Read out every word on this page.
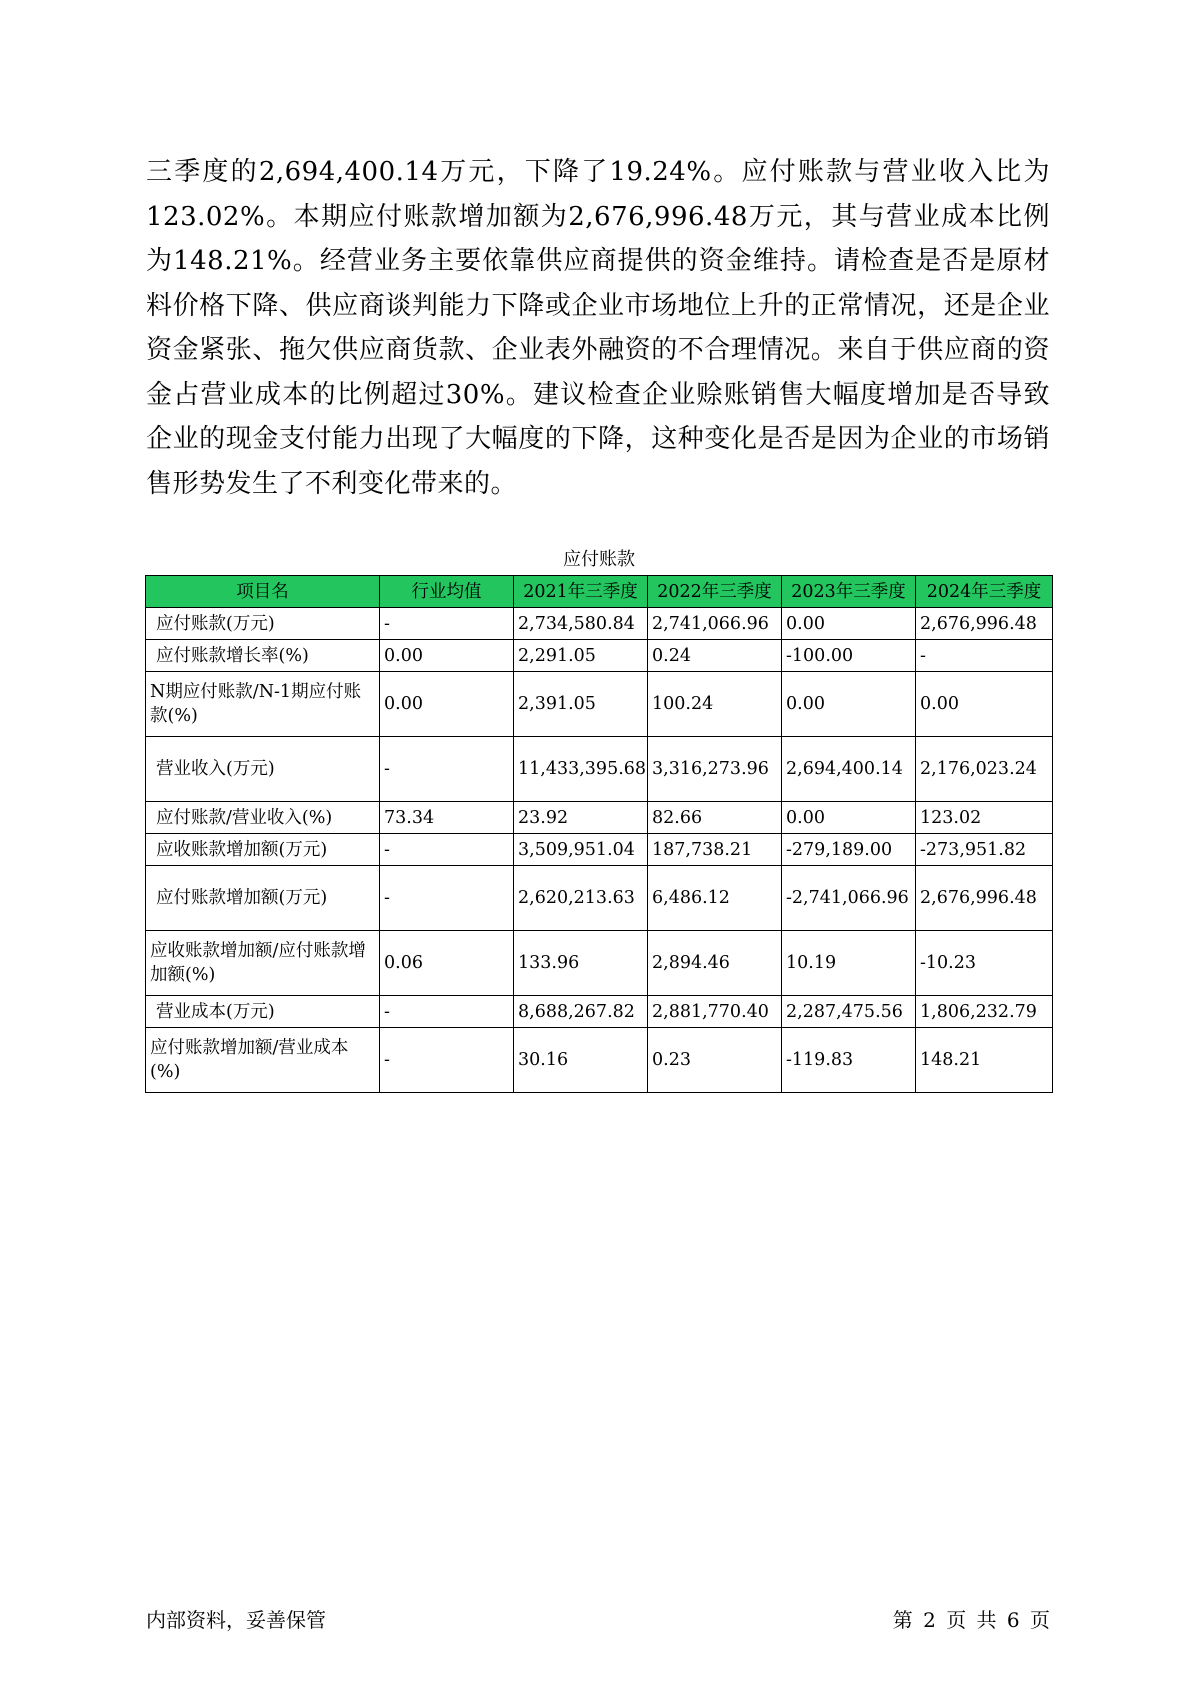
三季度的2,694,400.14万元，下降了19.24%。应付账款与营业收入比为123.02%。本期应付账款增加额为2,676,996.48万元，其与营业成本比例为148.21%。经营业务主要依靠供应商提供的资金维持。请检查是否是原材料价格下降、供应商谈判能力下降或企业市场地位上升的正常情况，还是企业资金紧张、拖欠供应商货款、企业表外融资的不合理情况。来自于供应商的资金占营业成本的比例超过30%。建议检查企业赊账销售大幅度增加是否导致企业的现金支付能力出现了大幅度的下降，这种变化是否是因为企业的市场销售形势发生了不利变化带来的。

应付账款
项目名	行业均值	2021年三季度	2022年三季度	2023年三季度	2024年三季度
应付账款(万元)	-	2,734,580.84	2,741,066.96	0.00	2,676,996.48
应付账款增长率(%)	0.00	2,291.05	0.24	-100.00	-
N期应付账款/N-1期应付账款(%)	0.00	2,391.05	100.24	0.00	0.00
营业收入(万元)	-	11,433,395.68	3,316,273.96	2,694,400.14	2,176,023.24
应付账款/营业收入(%)	73.34	23.92	82.66	0.00	123.02
应收账款增加额(万元)	-	3,509,951.04	187,738.21	-279,189.00	-273,951.82
应付账款增加额(万元)	-	2,620,213.63	6,486.12	-2,741,066.96	2,676,996.48
应收账款增加额/应付账款增加额(%)	0.06	133.96	2,894.46	10.19	-10.23
营业成本(万元)	-	8,688,267.82	2,881,770.40	2,287,475.56	1,806,232.79
应付账款增加额/营业成本(%)	-	30.16	0.23	-119.83	148.21
内部资料，妥善保管	第 2 页 共 6 页
